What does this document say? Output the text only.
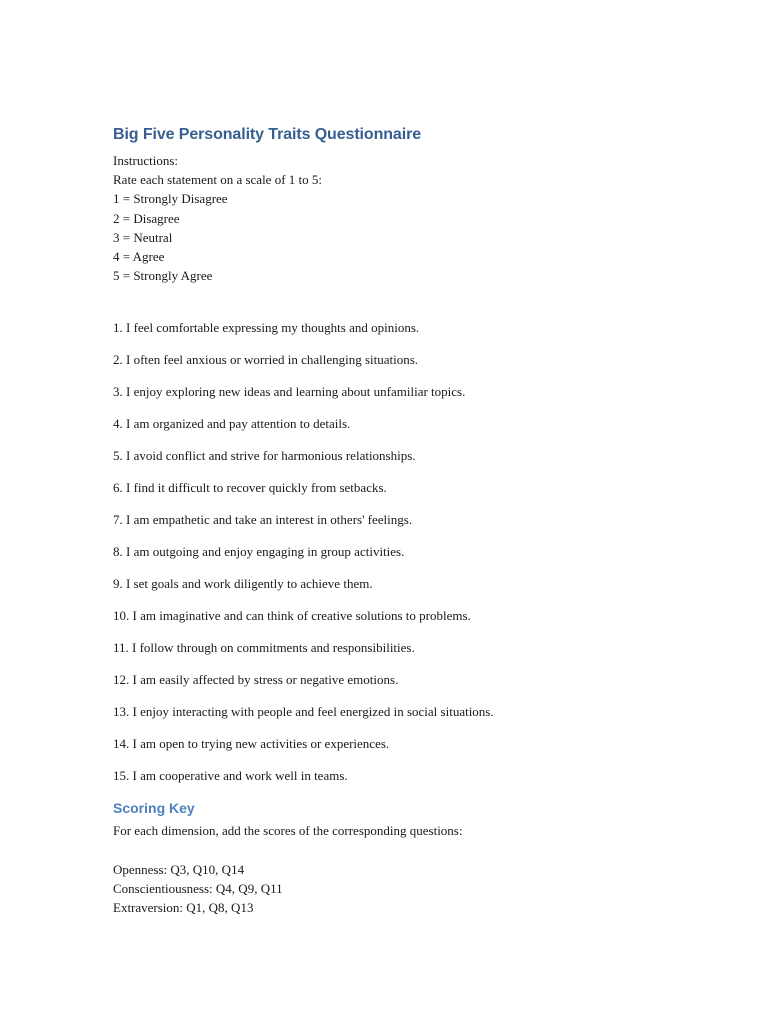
Big Five Personality Traits Questionnaire

Instructions:

Rate each statement on a scale of 1 to 5:

1 = Strongly Disagree

2 = Disagree

3 = Neutral

4 = Agree

5 = Strongly Agree

1. I feel comfortable expressing my thoughts and opinions.

2. I often feel anxious or worried in challenging situations.

3. I enjoy exploring new ideas and learning about unfamiliar topics.

4. I am organized and pay attention to details.

5. I avoid conflict and strive for harmonious relationships.

6. I find it difficult to recover quickly from setbacks.

7. I am empathetic and take an interest in others' feelings.

8. I am outgoing and enjoy engaging in group activities.

9. I set goals and work diligently to achieve them.

10. I am imaginative and can think of creative solutions to problems.

11. I follow through on commitments and responsibilities.

12. I am easily affected by stress or negative emotions.

13. I enjoy interacting with people and feel energized in social situations.

14. I am open to trying new activities or experiences.

15. I am cooperative and work well in teams.

Scoring Key

For each dimension, add the scores of the corresponding questions:

Openness: Q3, Q10, Q14

Conscientiousness: Q4, Q9, Q11

Extraversion: Q1, Q8, Q13
